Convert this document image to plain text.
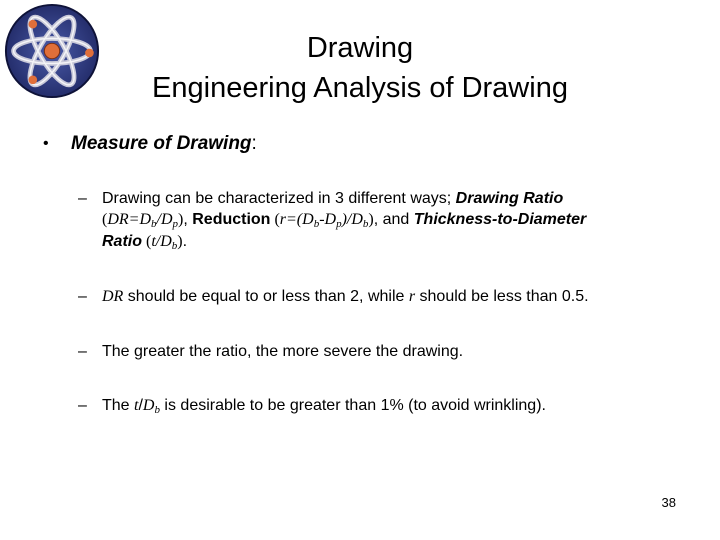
Drawing
Engineering Analysis of Drawing
• Measure of Drawing:
– Drawing can be characterized in 3 different ways; Drawing Ratio
$(DR=D_b/D_p)$, Reduction $(r=(D_b-D_p)/D_b)$, and Thickness-to-Diameter
Ratio $(t/D_b)$.
– DR should be equal to or less than 2, while r should be less than 0.5.
– The greater the ratio, the more severe the drawing.
– The $t/D_b$ is desirable to be greater than 1% (to avoid wrinkling).
38
